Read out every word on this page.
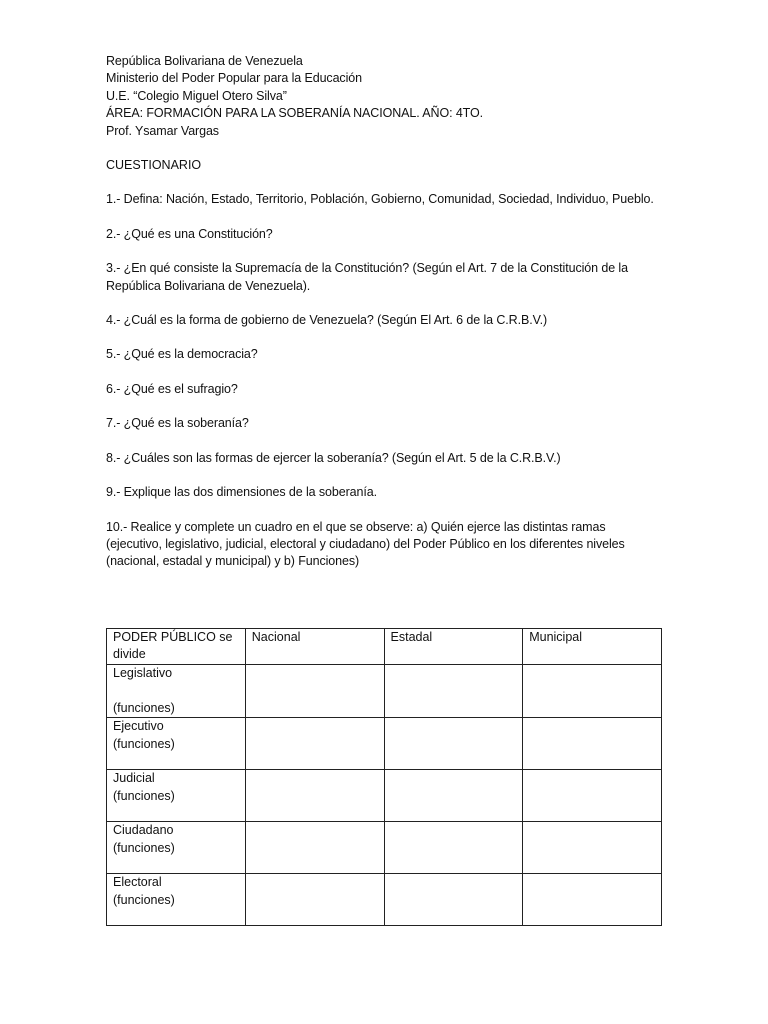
República Bolivariana de Venezuela
Ministerio del Poder Popular para la Educación
U.E. “Colegio Miguel Otero Silva”
ÁREA: FORMACIÓN PARA LA SOBERANÍA NACIONAL. AÑO: 4TO.
Prof. Ysamar Vargas
CUESTIONARIO
1.- Defina: Nación, Estado, Territorio, Población, Gobierno, Comunidad, Sociedad, Individuo, Pueblo.
2.- ¿Qué es una Constitución?
3.- ¿En qué consiste la Supremacía de la Constitución? (Según el Art. 7 de la Constitución de la República Bolivariana de Venezuela).
4.- ¿Cuál es la forma de gobierno de Venezuela? (Según El Art. 6 de la C.R.B.V.)
5.- ¿Qué es la democracia?
6.- ¿Qué es el sufragio?
7.- ¿Qué es la soberanía?
8.- ¿Cuáles son las formas de ejercer la soberanía? (Según el Art. 5 de la C.R.B.V.)
9.- Explique las dos dimensiones de la soberanía.
10.- Realice y complete un cuadro en el que se observe: a) Quién ejerce las distintas ramas (ejecutivo, legislativo, judicial, electoral y ciudadano) del Poder Público en los diferentes niveles (nacional, estadal y municipal) y b) Funciones)
PODER PÚBLICO se divide	Nacional	Estadal	Municipal

Legislativo
(funciones)			

Ejecutivo
(funciones)			

Judicial
(funciones)			

Ciudadano
(funciones)			

Electoral
(funciones)			
